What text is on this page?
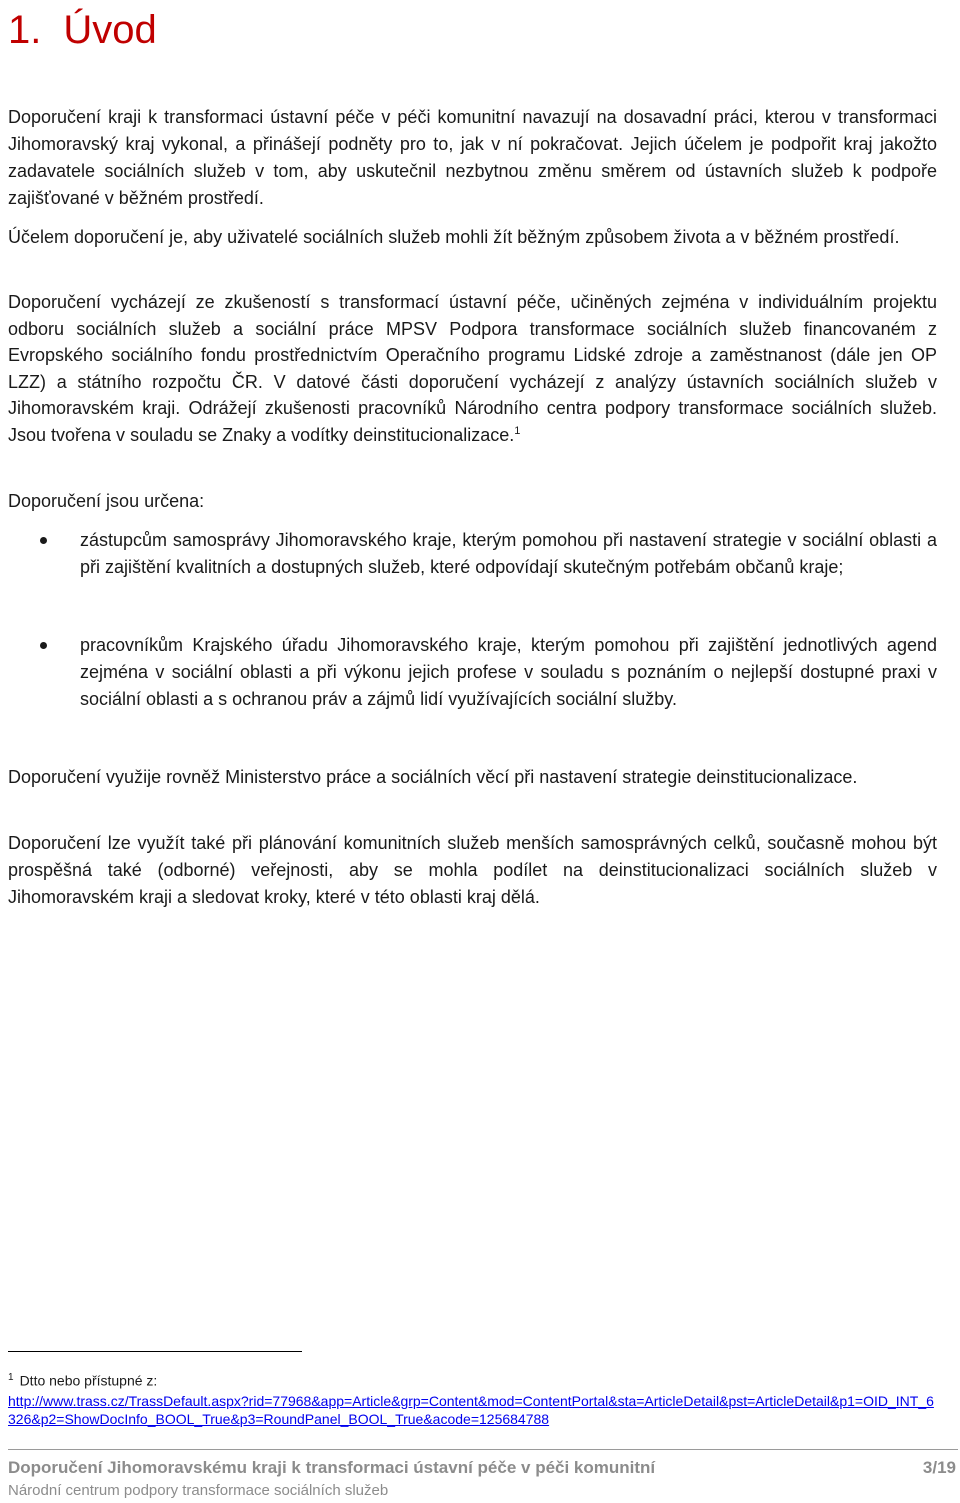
1. Úvod

Doporučení kraji k transformaci ústavní péče v péči komunitní navazují na dosavadní práci, kterou v transformaci Jihomoravský kraj vykonal, a přinášejí podněty pro to, jak v ní pokračovat. Jejich účelem je podpořit kraj jakožto zadavatele sociálních služeb v tom, aby uskutečnil nezbytnou změnu směrem od ústavních služeb k podpoře zajišťované v běžném prostředí.

Účelem doporučení je, aby uživatelé sociálních služeb mohli žít běžným způsobem života a v běžném prostředí.

Doporučení vycházejí ze zkušeností s transformací ústavní péče, učiněných zejména v individuálním projektu odboru sociálních služeb a sociální práce MPSV Podpora transformace sociálních služeb financovaném z Evropského sociálního fondu prostřednictvím Operačního programu Lidské zdroje a zaměstnanost (dále jen OP LZZ) a státního rozpočtu ČR. V datové části doporučení vycházejí z analýzy ústavních sociálních služeb v Jihomoravském kraji. Odrážejí zkušenosti pracovníků Národního centra podpory transformace sociálních služeb. Jsou tvořena v souladu se Znaky a vodítky deinstitucionalizace.$^1$

Doporučení jsou určena:

zástupcům samosprávy Jihomoravského kraje, kterým pomohou při nastavení strategie v sociální oblasti a při zajištění kvalitních a dostupných služeb, které odpovídají skutečným potřebám občanů kraje;

pracovníkům Krajského úřadu Jihomoravského kraje, kterým pomohou při zajištění jednotlivých agend zejména v sociální oblasti a při výkonu jejich profese v souladu s poznáním o nejlepší dostupné praxi v sociální oblasti a s ochranou práv a zájmů lidí využívajících sociální služby.

Doporučení využije rovněž Ministerstvo práce a sociálních věcí při nastavení strategie deinstitucionalizace.

Doporučení lze využít také při plánování komunitních služeb menších samosprávných celků, současně mohou být prospěšná také (odborné) veřejnosti, aby se mohla podílet na deinstitucionalizaci sociálních služeb v Jihomoravském kraji a sledovat kroky, které v této oblasti kraj dělá.

$^1$ Dtto nebo přístupné z:

http://www.trass.cz/TrassDefault.aspx?rid=77968&app=Article&grp=Content&mod=ContentPortal&sta=ArticleDetail&pst=ArticleDetail&p1=OID_INT_6326&p2=ShowDocInfo_BOOL_True&p3=RoundPanel_BOOL_True&acode=125684788

Doporučení Jihomoravskému kraji k transformaci ústavní péče v péči komunitní	3/19

Národní centrum podpory transformace sociálních služeb
